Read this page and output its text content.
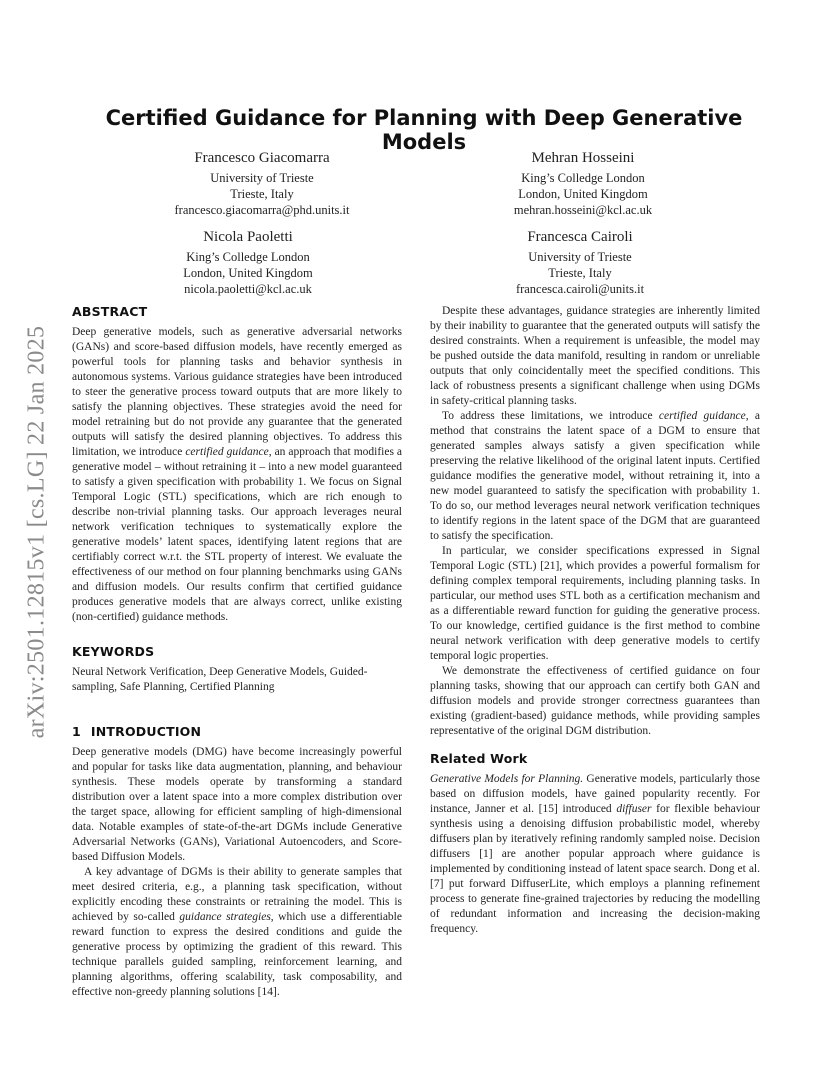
arXiv:2501.12815v1 [cs.LG] 22 Jan 2025
Certified Guidance for Planning with Deep Generative Models
Francesco Giacomarra
University of Trieste
Trieste, Italy
francesco.giacomarra@phd.units.it
Mehran Hosseini
King’s Colledge London
London, United Kingdom
mehran.hosseini@kcl.ac.uk
Nicola Paoletti
King’s Colledge London
London, United Kingdom
nicola.paoletti@kcl.ac.uk
Francesca Cairoli
University of Trieste
Trieste, Italy
francesca.cairoli@units.it
ABSTRACT

Deep generative models, such as generative adversarial networks (GANs) and score-based diffusion models, have recently emerged as powerful tools for planning tasks and behavior synthesis in autonomous systems. Various guidance strategies have been introduced to steer the generative process toward outputs that are more likely to satisfy the planning objectives. These strategies avoid the need for model retraining but do not provide any guarantee that the generated outputs will satisfy the desired planning objectives. To address this limitation, we introduce certified guidance, an approach that modifies a generative model – without retraining it – into a new model guaranteed to satisfy a given specification with probability 1. We focus on Signal Temporal Logic (STL) specifications, which are rich enough to describe non-trivial planning tasks. Our approach leverages neural network verification techniques to systematically explore the generative models’ latent spaces, identifying latent regions that are certifiably correct w.r.t. the STL property of interest. We evaluate the effectiveness of our method on four planning benchmarks using GANs and diffusion models. Our results confirm that certified guidance produces generative models that are always correct, unlike existing (non-certified) guidance methods.

KEYWORDS

Neural Network Verification, Deep Generative Models, Guided-sampling, Safe Planning, Certified Planning

1 INTRODUCTION

Deep generative models (DMG) have become increasingly powerful and popular for tasks like data augmentation, planning, and behaviour synthesis. These models operate by transforming a standard distribution over a latent space into a more complex distribution over the target space, allowing for efficient sampling of high-dimensional data. Notable examples of state-of-the-art DGMs include Generative Adversarial Networks (GANs), Variational Autoencoders, and Score-based Diffusion Models.

A key advantage of DGMs is their ability to generate samples that meet desired criteria, e.g., a planning task specification, without explicitly encoding these constraints or retraining the model. This is achieved by so-called guidance strategies, which use a differentiable reward function to express the desired conditions and guide the generative process by optimizing the gradient of this reward. This technique parallels guided sampling, reinforcement learning, and planning algorithms, offering scalability, task composability, and effective non-greedy planning solutions [14].

Despite these advantages, guidance strategies are inherently limited by their inability to guarantee that the generated outputs will satisfy the desired constraints. When a requirement is unfeasible, the model may be pushed outside the data manifold, resulting in random or unreliable outputs that only coincidentally meet the specified conditions. This lack of robustness presents a significant challenge when using DGMs in safety-critical planning tasks.

To address these limitations, we introduce certified guidance, a method that constrains the latent space of a DGM to ensure that generated samples always satisfy a given specification while preserving the relative likelihood of the original latent inputs. Certified guidance modifies the generative model, without retraining it, into a new model guaranteed to satisfy the specification with probability 1. To do so, our method leverages neural network verification techniques to identify regions in the latent space of the DGM that are guaranteed to satisfy the specification.

In particular, we consider specifications expressed in Signal Temporal Logic (STL) [21], which provides a powerful formalism for defining complex temporal requirements, including planning tasks. In particular, our method uses STL both as a certification mechanism and as a differentiable reward function for guiding the generative process. To our knowledge, certified guidance is the first method to combine neural network verification with deep generative models to certify temporal logic properties.

We demonstrate the effectiveness of certified guidance on four planning tasks, showing that our approach can certify both GAN and diffusion models and provide stronger correctness guarantees than existing (gradient-based) guidance methods, while providing samples representative of the original DGM distribution.

Related Work

Generative Models for Planning. Generative models, particularly those based on diffusion models, have gained popularity recently. For instance, Janner et al. [15] introduced diffuser for flexible behaviour synthesis using a denoising diffusion probabilistic model, whereby diffusers plan by iteratively refining randomly sampled noise. Decision diffusers [1] are another popular approach where guidance is implemented by conditioning instead of latent space search. Dong et al. [7] put forward DiffuserLite, which employs a planning refinement process to generate fine-grained trajectories by reducing the modelling of redundant information and increasing the decision-making frequency.
